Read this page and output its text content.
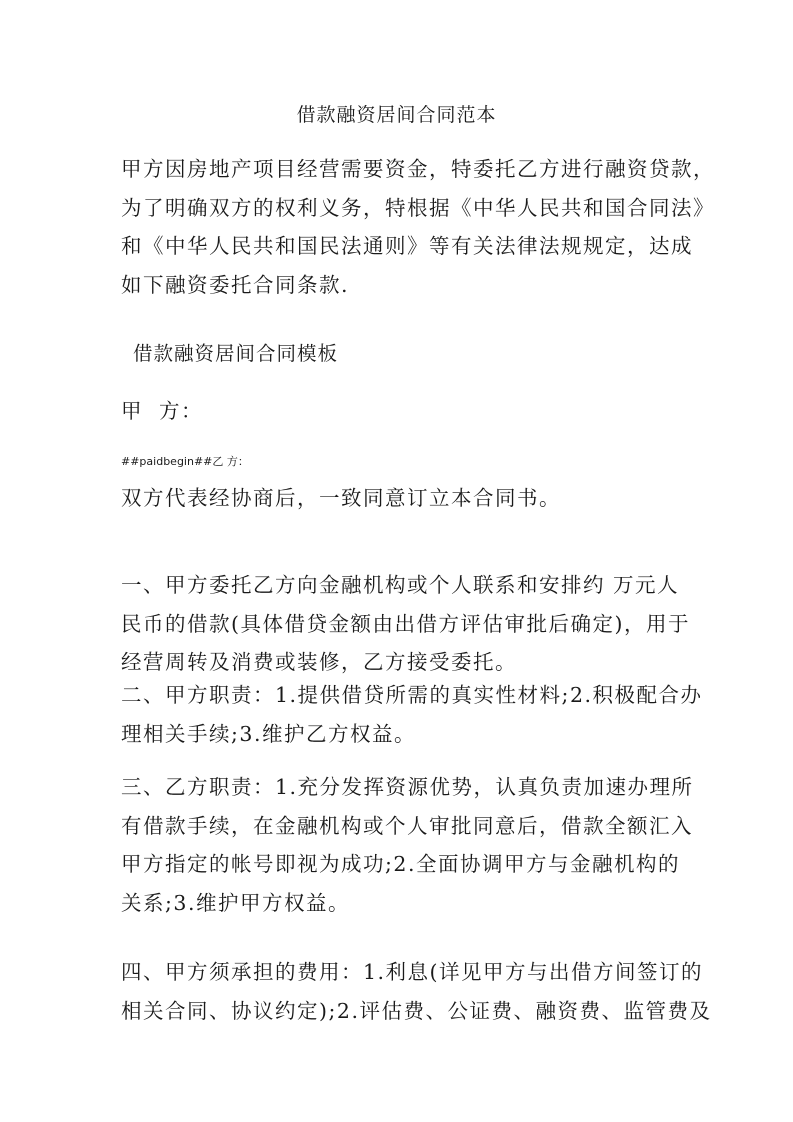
借款融资居间合同范本

甲方因房地产项目经营需要资金，特委托乙方进行融资贷款，
为了明确双方的权利义务，特根据《中华人民共和国合同法》
和《中华人民共和国民法通则》等有关法律法规规定，达成
如下融资委托合同条款.

借款融资居间合同模板

甲  方：

##paidbegin##乙 方：

双方代表经协商后，一致同意订立本合同书。

一、甲方委托乙方向金融机构或个人联系和安排约 万元人
民币的借款(具体借贷金额由出借方评估审批后确定)，用于
经营周转及消费或装修，乙方接受委托。

二、甲方职责：1.提供借贷所需的真实性材料;2.积极配合办
理相关手续;3.维护乙方权益。

三、乙方职责：1.充分发挥资源优势，认真负责加速办理所
有借款手续，在金融机构或个人审批同意后，借款全额汇入
甲方指定的帐号即视为成功;2.全面协调甲方与金融机构的
关系;3.维护甲方权益。

四、甲方须承担的费用：1.利息(详见甲方与出借方间签订的
相关合同、协议约定);2.评估费、公证费、融资费、监管费及
